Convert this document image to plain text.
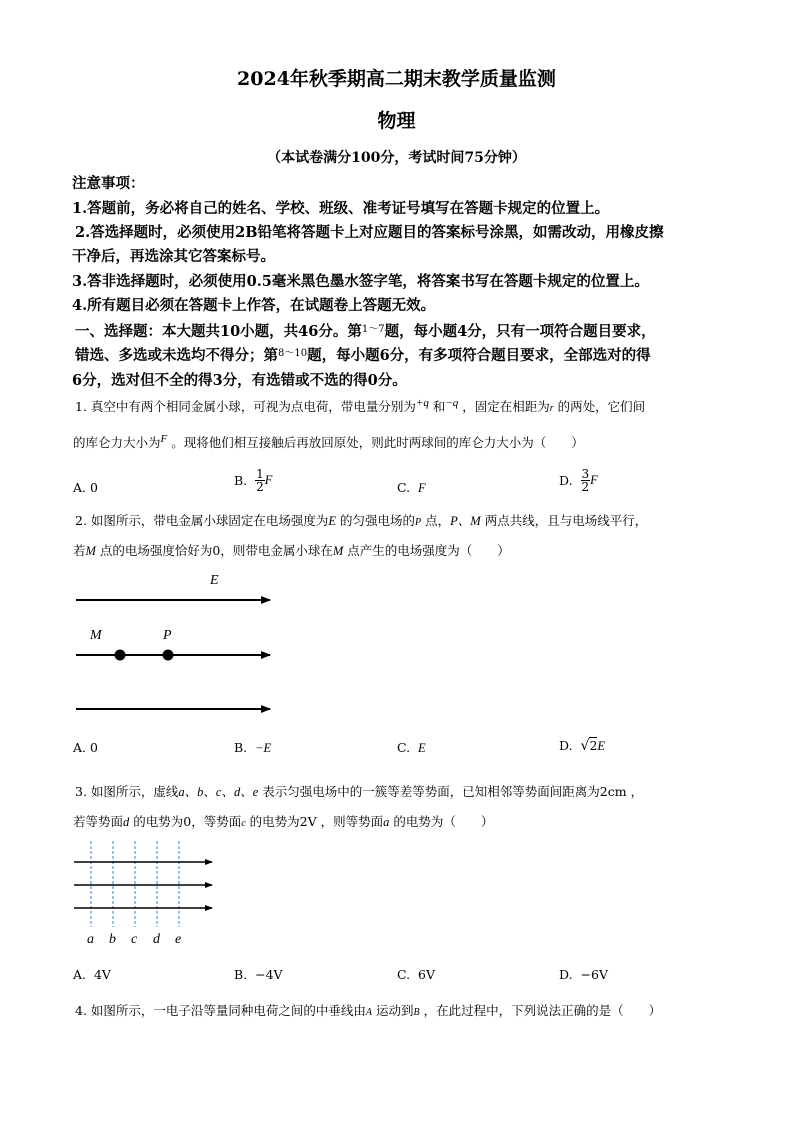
2024年秋季期高二期末教学质量监测
物理
（本试卷满分100分，考试时间75分钟）
注意事项：
1.答题前，务必将自己的姓名、学校、班级、准考证号填写在答题卡规定的位置上。
2.答选择题时，必须使用2B铅笔将答题卡上对应题目的答案标号涂黑，如需改动，用橡皮擦
干净后，再选涂其它答案标号。
3.答非选择题时，必须使用0.5毫米黑色墨水签字笔，将答案书写在答题卡规定的位置上。
4.所有题目必须在答题卡上作答，在试题卷上答题无效。
一、选择题：本大题共10小题，共46分。第$^{1\sim 7}$题，每小题4分，只有一项符合题目要求，
错选、多选或未选均不得分；第$^{8\sim 10}$题，每小题6分，有多项符合题目要求，全部选对的得
6分，选对但不全的得3分，有选错或不选的得0分。
1. 真空中有两个相同金属小球，可视为点电荷，带电量分别为+q 和−q ，固定在相距为r 的两处，它们间
的库仑力大小为F 。现将他们相互接触后再放回原处，则此时两球间的库仑力大小为（　　）
A. 0	B. $\frac{1}{2}$ F	C. F	D. $\frac{3}{2}$ F
2. 如图所示，带电金属小球固定在电场强度为E 的匀强电场的P 点，P、M 两点共线，且与电场线平行，
若M 点的电场强度恰好为0，则带电金属小球在M 点产生的电场强度为（　　）
E
M	P
A. 0	B. −E	C. E	D. √2E
3. 如图所示，虚线a、b、c、d、e 表示匀强电场中的一簇等差等势面，已知相邻等势面间距离为2cm ，
若等势面d 的电势为0，等势面c 的电势为2V ，则等势面a 的电势为（　　）
a b c d e
A. 4V	B. −4V	C. 6V	D. −6V
4. 如图所示，一电子沿等量同种电荷之间的中垂线由A 运动到B ，在此过程中，下列说法正确的是（　　）
